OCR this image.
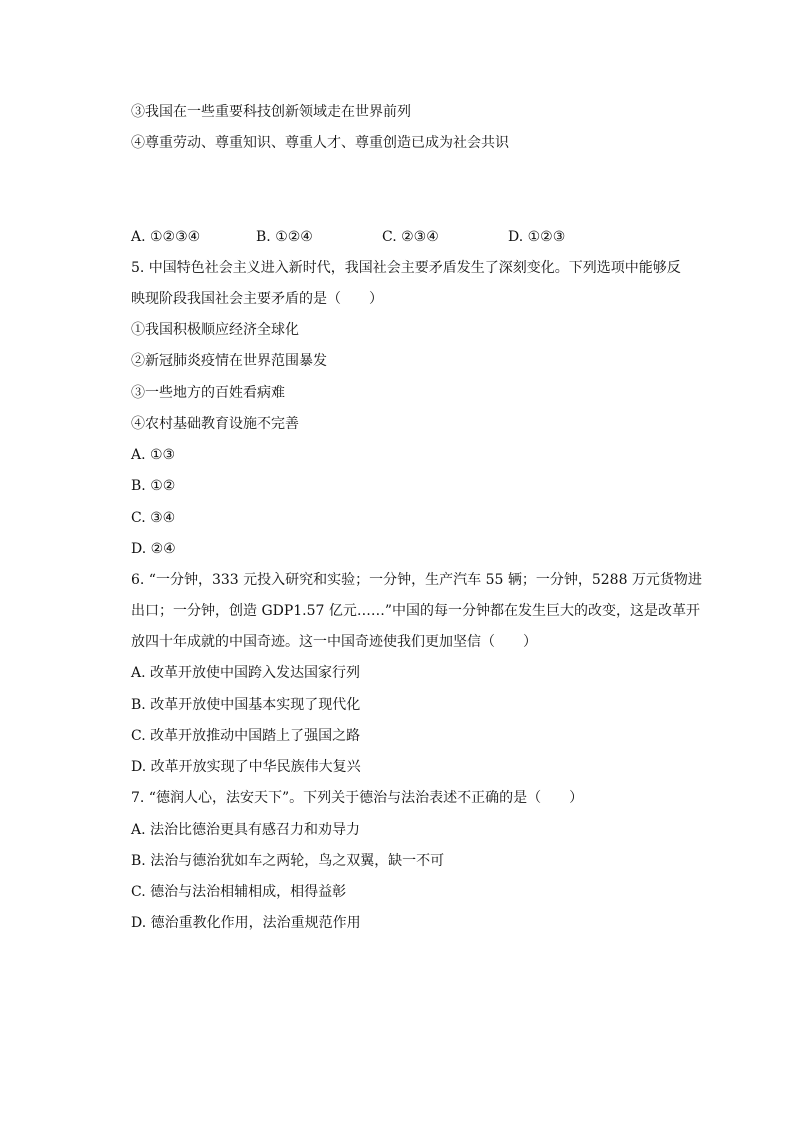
③我国在一些重要科技创新领域走在世界前列
④尊重劳动、尊重知识、尊重人才、尊重创造已成为社会共识
A. ①②③④	B. ①②④	C. ②③④	D. ①②③
5. 中国特色社会主义进入新时代，我国社会主要矛盾发生了深刻变化。下列选项中能够反
映现阶段我国社会主要矛盾的是（　　）
①我国积极顺应经济全球化
②新冠肺炎疫情在世界范围暴发
③一些地方的百姓看病难
④农村基础教育设施不完善
A. ①③
B. ①②
C. ③④
D. ②④
6. “一分钟，333 元投入研究和实验；一分钟，生产汽车 55 辆；一分钟，5288 万元货物进
出口；一分钟，创造 GDP1.57 亿元……”中国的每一分钟都在发生巨大的改变，这是改革开
放四十年成就的中国奇迹。这一中国奇迹使我们更加坚信（　　）
A. 改革开放使中国跨入发达国家行列
B. 改革开放使中国基本实现了现代化
C. 改革开放推动中国踏上了强国之路
D. 改革开放实现了中华民族伟大复兴
7. “德润人心，法安天下”。下列关于德治与法治表述不正确的是（　　）
A. 法治比德治更具有感召力和劝导力
B. 法治与德治犹如车之两轮，鸟之双翼，缺一不可
C. 德治与法治相辅相成，相得益彰
D. 德治重教化作用，法治重规范作用
